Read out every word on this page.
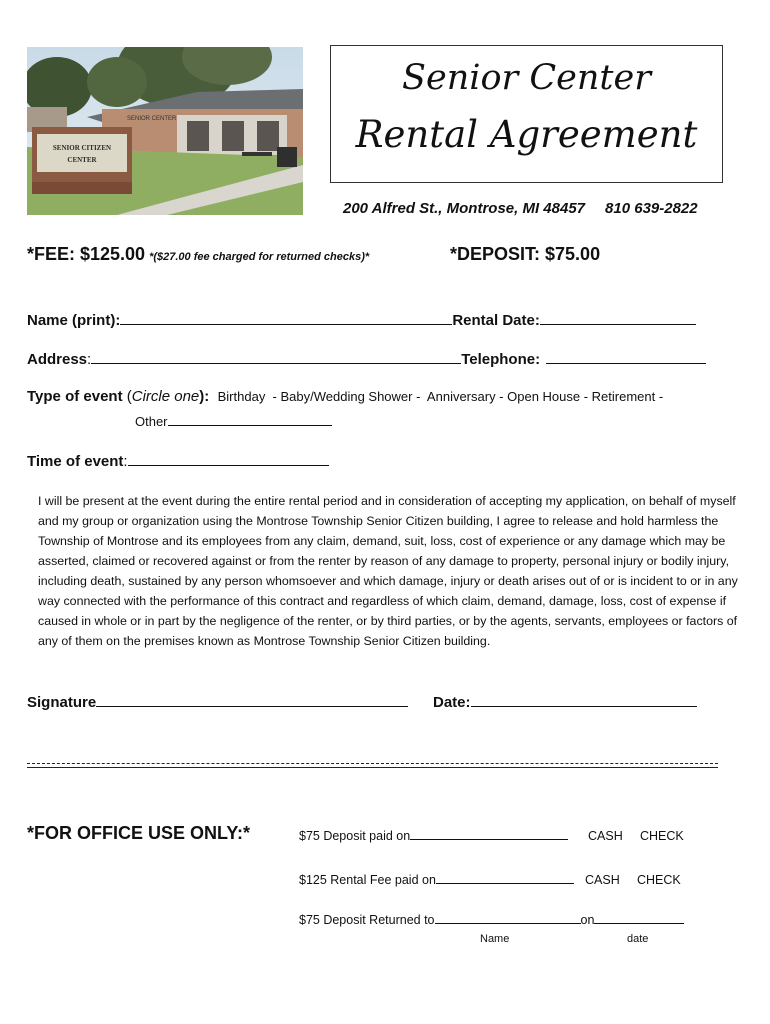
SENIOR CENTER
SENIOR CITIZEN
CENTER
Senior Center
Rental Agreement
200 Alfred St., Montrose, MI 48457 810 639-2822
*FEE: $125.00 *($27.00 fee charged for returned checks)*	*DEPOSIT: $75.00
Name (print):	Rental Date:
Address:	Telephone:
Type of event (Circle one): Birthday  - Baby/Wedding Shower -  Anniversary - Open House - Retirement -
Other
Time of event:
I will be present at the event during the entire rental period and in consideration of accepting my application, on behalf of myself and my group or organization using the Montrose Township Senior Citizen building, I agree to release and hold harmless the Township of Montrose and its employees from any claim, demand, suit, loss, cost of experience or any damage which may be asserted, claimed or recovered against or from the renter by reason of any damage to property, personal injury or bodily injury, including death, sustained by any person whomsoever and which damage, injury or death arises out of or is incident to or in any way connected with the performance of this contract and regardless of which claim, demand, damage, loss, cost of expense if caused in whole or in part by the negligence of the renter, or by third parties, or by the agents, servants, employees or factors of any of them on the premises known as Montrose Township Senior Citizen building.
Signature	Date:
*FOR OFFICE USE ONLY:*	$75 Deposit paid on	CASH CHECK
$125 Rental Fee paid on	CASH CHECK
$75 Deposit Returned to	on
Name	date
